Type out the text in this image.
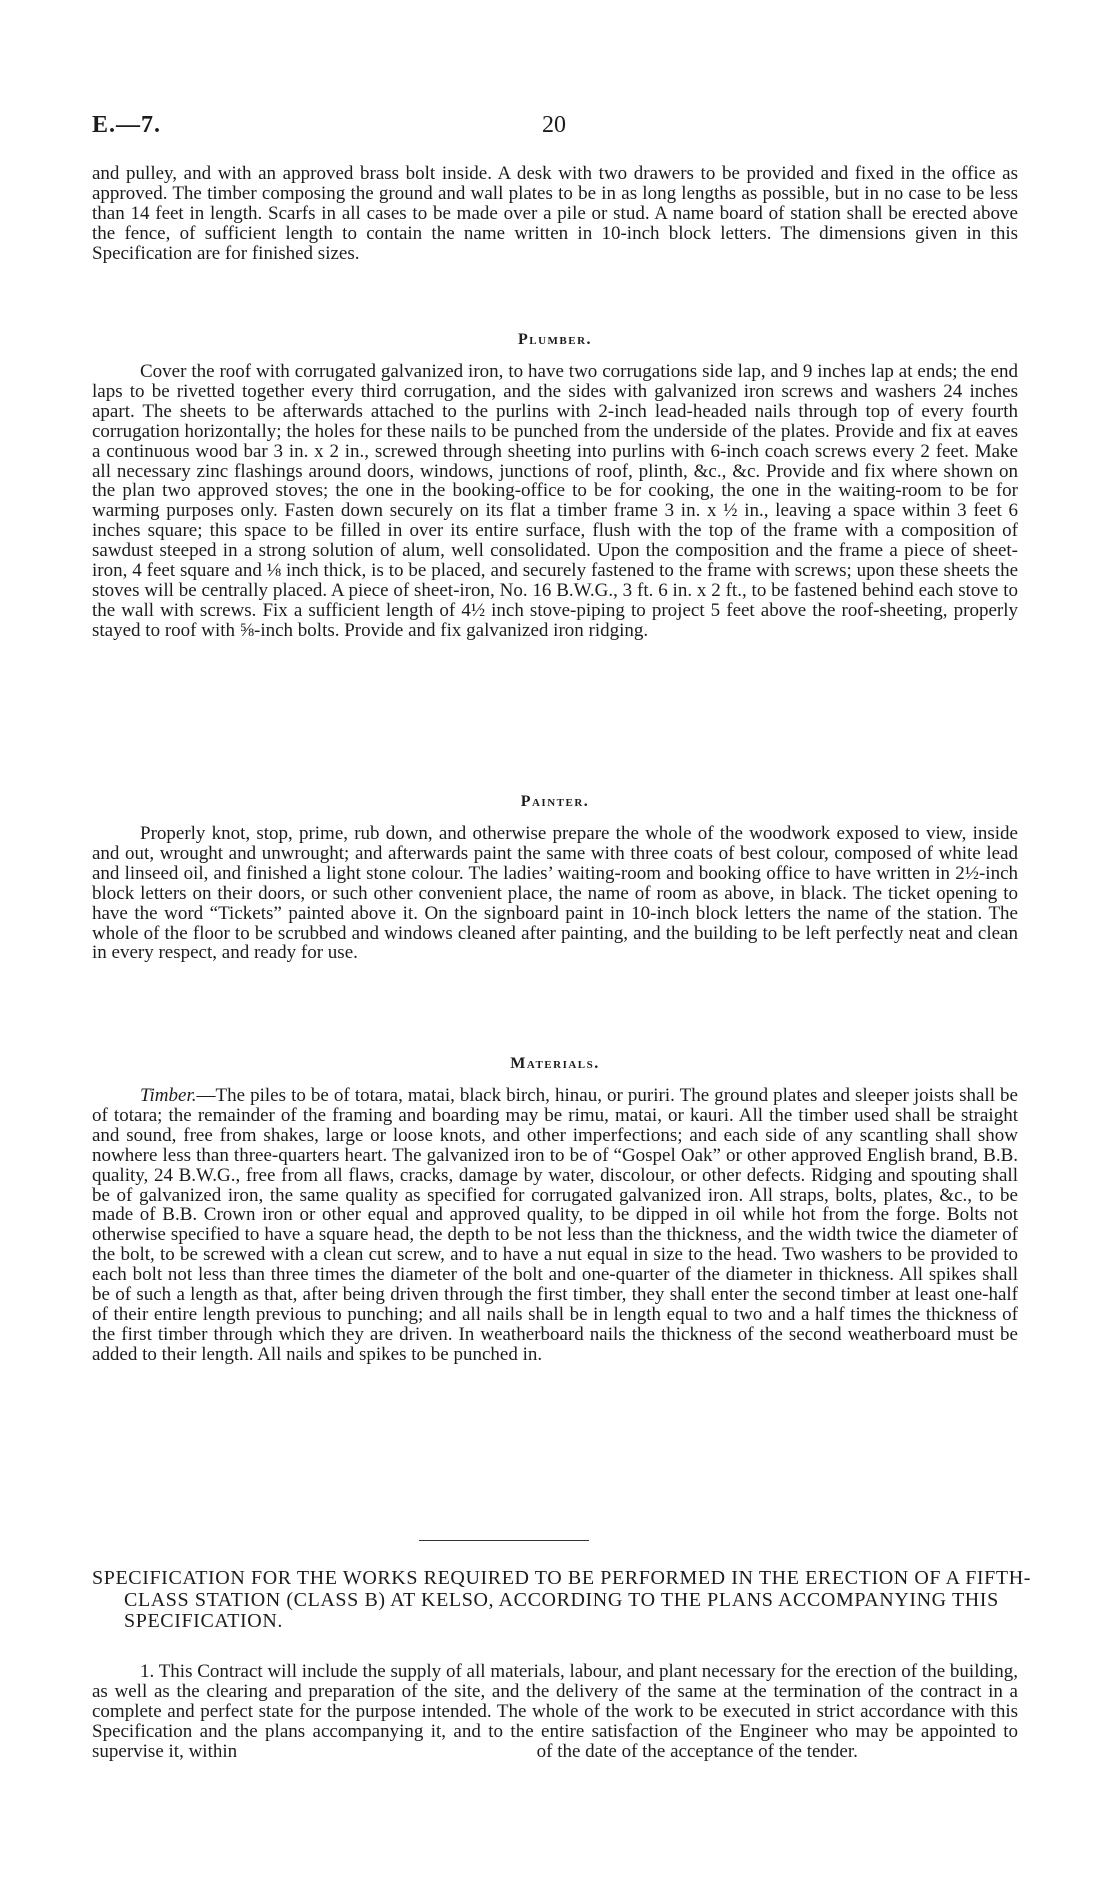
E.—7.	20

and pulley, and with an approved brass bolt inside. A desk with two drawers to be provided and fixed in the office as approved. The timber composing the ground and wall plates to be in as long lengths as possible, but in no case to be less than 14 feet in length. Scarfs in all cases to be made over a pile or stud. A name board of station shall be erected above the fence, of sufficient length to contain the name written in 10-inch block letters. The dimensions given in this Specification are for finished sizes.

Plumber.

Cover the roof with corrugated galvanized iron, to have two corrugations side lap, and 9 inches lap at ends; the end laps to be rivetted together every third corrugation, and the sides with galvanized iron screws and washers 24 inches apart. The sheets to be afterwards attached to the purlins with 2-inch lead-headed nails through top of every fourth corrugation horizontally; the holes for these nails to be punched from the underside of the plates. Provide and fix at eaves a continuous wood bar 3 in. x 2 in., screwed through sheeting into purlins with 6-inch coach screws every 2 feet. Make all necessary zinc flashings around doors, windows, junctions of roof, plinth, &c., &c. Provide and fix where shown on the plan two approved stoves; the one in the booking-office to be for cooking, the one in the waiting-room to be for warming purposes only. Fasten down securely on its flat a timber frame 3 in. x ½ in., leaving a space within 3 feet 6 inches square; this space to be filled in over its entire surface, flush with the top of the frame with a composition of sawdust steeped in a strong solution of alum, well consolidated. Upon the composition and the frame a piece of sheet-iron, 4 feet square and ⅛ inch thick, is to be placed, and securely fastened to the frame with screws; upon these sheets the stoves will be centrally placed. A piece of sheet-iron, No. 16 B.W.G., 3 ft. 6 in. x 2 ft., to be fastened behind each stove to the wall with screws. Fix a sufficient length of 4½ inch stove-piping to project 5 feet above the roof-sheeting, properly stayed to roof with ⅝-inch bolts. Provide and fix galvanized iron ridging.

Painter.

Properly knot, stop, prime, rub down, and otherwise prepare the whole of the woodwork exposed to view, inside and out, wrought and unwrought; and afterwards paint the same with three coats of best colour, composed of white lead and linseed oil, and finished a light stone colour. The ladies’ waiting-room and booking office to have written in 2½-inch block letters on their doors, or such other convenient place, the name of room as above, in black. The ticket opening to have the word “Tickets” painted above it. On the signboard paint in 10-inch block letters the name of the station. The whole of the floor to be scrubbed and windows cleaned after painting, and the building to be left perfectly neat and clean in every respect, and ready for use.

Materials.

Timber.—The piles to be of totara, matai, black birch, hinau, or puriri. The ground plates and sleeper joists shall be of totara; the remainder of the framing and boarding may be rimu, matai, or kauri. All the timber used shall be straight and sound, free from shakes, large or loose knots, and other imperfections; and each side of any scantling shall show nowhere less than three-quarters heart. The galvanized iron to be of “Gospel Oak” or other approved English brand, B.B. quality, 24 B.W.G., free from all flaws, cracks, damage by water, discolour, or other defects. Ridging and spouting shall be of galvanized iron, the same quality as specified for corrugated galvanized iron. All straps, bolts, plates, &c., to be made of B.B. Crown iron or other equal and approved quality, to be dipped in oil while hot from the forge. Bolts not otherwise specified to have a square head, the depth to be not less than the thickness, and the width twice the diameter of the bolt, to be screwed with a clean cut screw, and to have a nut equal in size to the head. Two washers to be provided to each bolt not less than three times the diameter of the bolt and one-quarter of the diameter in thickness. All spikes shall be of such a length as that, after being driven through the first timber, they shall enter the second timber at least one-half of their entire length previous to punching; and all nails shall be in length equal to two and a half times the thickness of the first timber through which they are driven. In weatherboard nails the thickness of the second weatherboard must be added to their length. All nails and spikes to be punched in.

SPECIFICATION FOR THE WORKS REQUIRED TO BE PERFORMED IN THE ERECTION OF A FIFTH-CLASS STATION (CLASS B) AT KELSO, ACCORDING TO THE PLANS ACCOMPANYING THIS SPECIFICATION.

1. This Contract will include the supply of all materials, labour, and plant necessary for the erection of the building, as well as the clearing and preparation of the site, and the delivery of the same at the termination of the contract in a complete and perfect state for the purpose intended. The whole of the work to be executed in strict accordance with this Specification and the plans accompanying it, and to the entire satisfaction of the Engineer who may be appointed to supervise it, within	of the date of the acceptance of the tender.
